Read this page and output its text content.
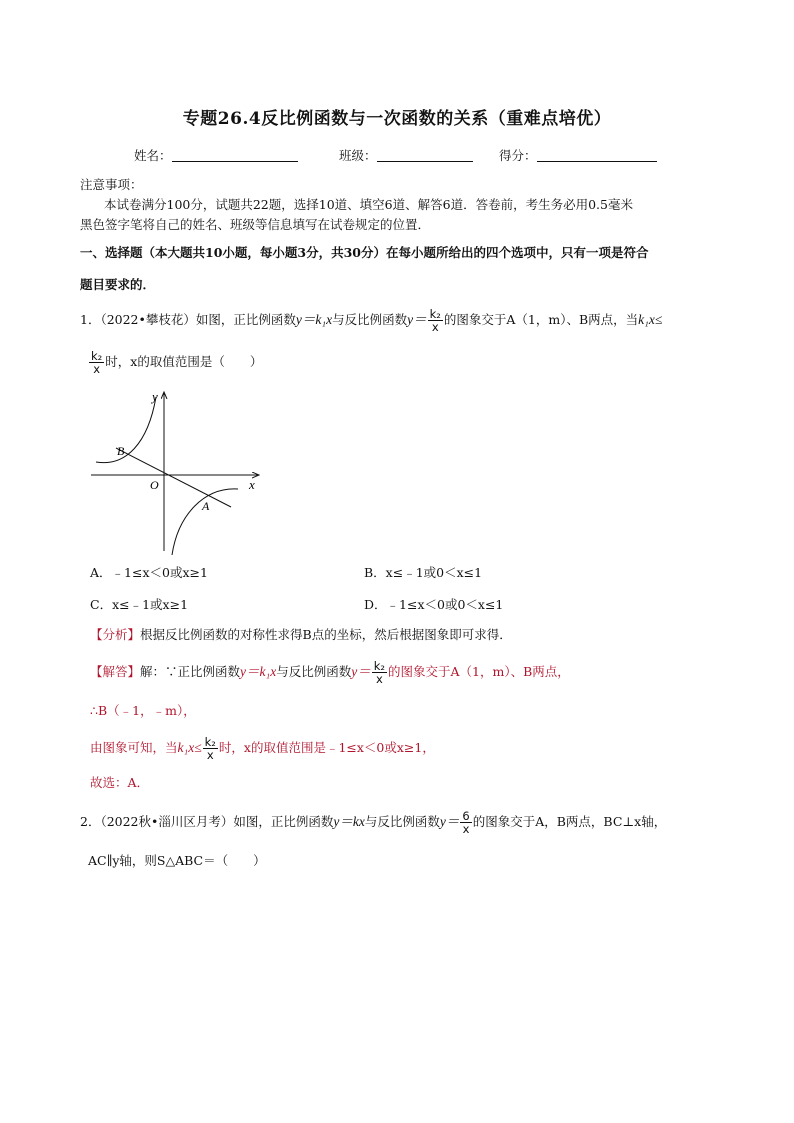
专题26.4反比例函数与一次函数的关系（重难点培优）
姓名：	班级：	得分：
注意事项：
本试卷满分100分，试题共22题，选择10道、填空6道、解答6道．答卷前，考生务必用0.5毫米
黑色签字笔将自己的姓名、班级等信息填写在试卷规定的位置．
一、选择题（本大题共10小题，每小题3分，共30分）在每小题所给出的四个选项中，只有一项是符合
题目要求的．
1．（2022•攀枝花）如图，正比例函数y＝k₁x与反比例函数$y= \frac{\text{k₂}}{x}$ 的图象交于A（1，m）、B两点，当k₁x≤
$\frac{\text{k₂}}{x}$ 时，x的取值范围是（　　）
y
x
O
B
A
A．﹣1≤x＜0或x≥1	B．x≤﹣1或0＜x≤1
C．x≤﹣1或x≥1	D．﹣1≤x＜0或0＜x≤1
【分析】根据反比例函数的对称性求得B点的坐标，然后根据图象即可求得．
【解答】解：∵正比例函数y＝k₁x与反比例函数$y= \frac{\text{k₂}}{x}$ 的图象交于A（1，m）、B两点，
∴B（﹣1，﹣m），
由图象可知，当$k_1x\le \frac{\text{k₂}}{x}$ 时，x的取值范围是﹣1≤x＜0或x≥1，
故选：A．
2．（2022秋•淄川区月考）如图，正比例函数y＝kx与反比例函数$y= \frac{6}{x}$ 的图象交于A，B两点，BC⊥x轴，
AC∥y轴，则S△ABC＝（　　）
